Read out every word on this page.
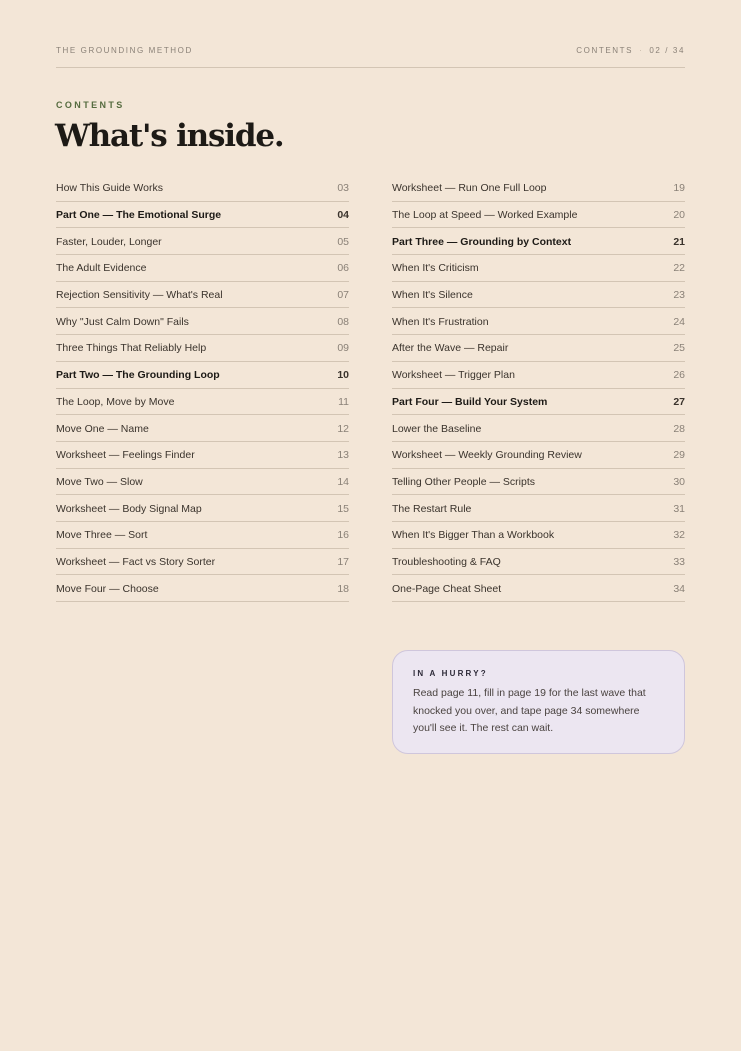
THE GROUNDING METHOD	CONTENTS · 02 / 34
CONTENTS
What's inside.
How This Guide Works	03
Part One — The Emotional Surge	04
Faster, Louder, Longer	05
The Adult Evidence	06
Rejection Sensitivity — What's Real	07
Why "Just Calm Down" Fails	08
Three Things That Reliably Help	09
Part Two — The Grounding Loop	10
The Loop, Move by Move	11
Move One — Name	12
Worksheet — Feelings Finder	13
Move Two — Slow	14
Worksheet — Body Signal Map	15
Move Three — Sort	16
Worksheet — Fact vs Story Sorter	17
Move Four — Choose	18
Worksheet — Run One Full Loop	19
The Loop at Speed — Worked Example	20
Part Three — Grounding by Context	21
When It's Criticism	22
When It's Silence	23
When It's Frustration	24
After the Wave — Repair	25
Worksheet — Trigger Plan	26
Part Four — Build Your System	27
Lower the Baseline	28
Worksheet — Weekly Grounding Review	29
Telling Other People — Scripts	30
The Restart Rule	31
When It's Bigger Than a Workbook	32
Troubleshooting & FAQ	33
One-Page Cheat Sheet	34
IN A HURRY?
Read page 11, fill in page 19 for the last wave that knocked you over, and tape page 34 somewhere you'll see it. The rest can wait.
